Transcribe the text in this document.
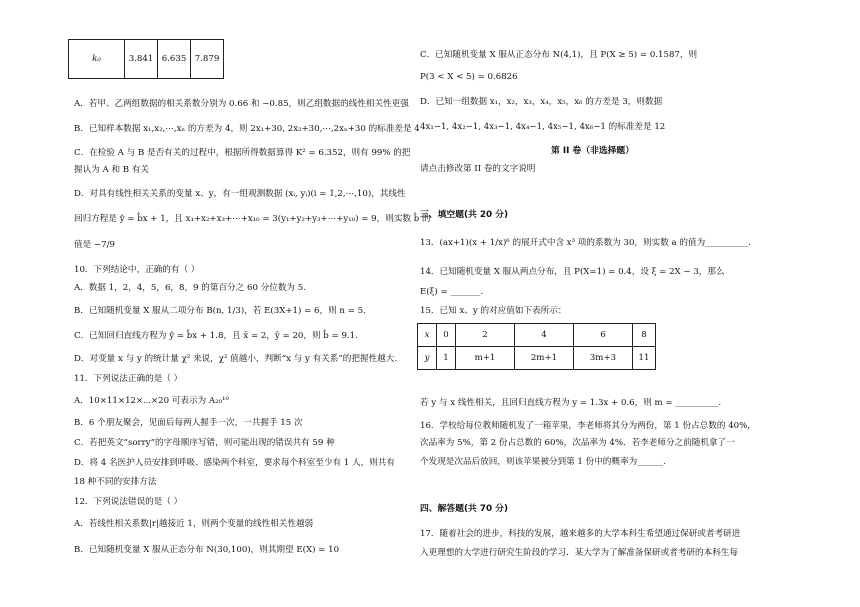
k₀	3.841	6.635	7.879
A．若甲、乙两组数据的相关系数分别为 0.66 和 −0.85，则乙组数据的线性相关性更强
B．已知样本数据 x₁,x₂,⋯,xₙ 的方差为 4，则 2x₁+30, 2x₂+30,⋯,2xₙ+30 的标准差是 4
C．在检验 A 与 B 是否有关的过程中，根据所得数据算得 K² = 6.352，则有 99% 的把
握认为 A 和 B 有关
D．对具有线性相关关系的变量 x、y，有一组观测数据 (xᵢ, yᵢ)(i = 1,2,⋯,10)，其线性
回归方程是 ŷ = b̂x + 1，且 x₁+x₂+x₃+⋯+x₁₀ = 3(y₁+y₂+y₃+⋯+y₁₀) = 9，则实数 b̂ 的
值是 −7/9
10．下列结论中，正确的有（ ）
A．数据 1，2，4，5，6，8，9 的第百分之 60 分位数为 5.
B．已知随机变量 X 服从二项分布 B(n, 1/3)，若 E(3X+1) = 6，则 n = 5.
C．已知回归直线方程为 ŷ = b̂x + 1.8，且 x̄ = 2，ȳ = 20，则 b̂ = 9.1.
D．对变量 x 与 y 的统计量 χ² 来说，χ² 值越小，判断“x 与 y 有关系”的把握性越大.
11．下列说法正确的是（ ）
A．10×11×12×⋯×20 可表示为 A₂₀¹⁰
B．6 个朋友聚会，见面后每两人握手一次，一共握手 15 次
C．若把英文“sorry”的字母顺序写错，则可能出现的错误共有 59 种
D．将 4 名医护人员安排到呼吸、感染两个科室，要求每个科室至少有 1 人，则共有
18 种不同的安排方法
12．下列说法错误的是（ ）
A．若线性相关系数|r|越接近 1，则两个变量的线性相关性越弱
B．已知随机变量 X 服从正态分布 N(30,100)，则其期望 E(X) = 10
C．已知随机变量 X 服从正态分布 N(4,1)，且 P(X ≥ 5) = 0.1587，则
P(3 < X < 5) = 0.6826
D．已知一组数据 x₁，x₂，x₃，x₄，x₅，x₆ 的方差是 3，则数据
4x₁−1, 4x₂−1, 4x₃−1, 4x₄−1, 4x₅−1, 4x₆−1 的标准差是 12
第 II 卷（非选择题）
请点击修改第 II 卷的文字说明
三、填空题(共 20 分)
13．(ax+1)(x + 1/x)⁶ 的展开式中含 x³ 项的系数为 30，则实数 a 的值为__________.
14．已知随机变量 X 服从两点分布，且 P(X=1) = 0.4，设 ξ = 2X − 3，那么
E(ξ) = _______.
15．已知 x、y 的对应值如下表所示：
x	0	2	4	6	8
y	1	m+1	2m+1	3m+3	11
若 y 与 x 线性相关，且回归直线方程为 y = 1.3x + 0.6，则 m = __________.
16．学校给每位教师随机发了一箱苹果，李老师将其分为两份，第 1 份占总数的 40%，
次品率为 5%，第 2 份占总数的 60%，次品率为 4%．若李老师分之前随机拿了一
个发现是次品后放回，则该苹果被分到第 1 份中的概率为______.
四、解答题(共 70 分)
17．随着社会的进步，科技的发展，越来越多的大学本科生希望通过保研或者考研进
入更理想的大学进行研究生阶段的学习．某大学为了解准备保研或者考研的本科生每
